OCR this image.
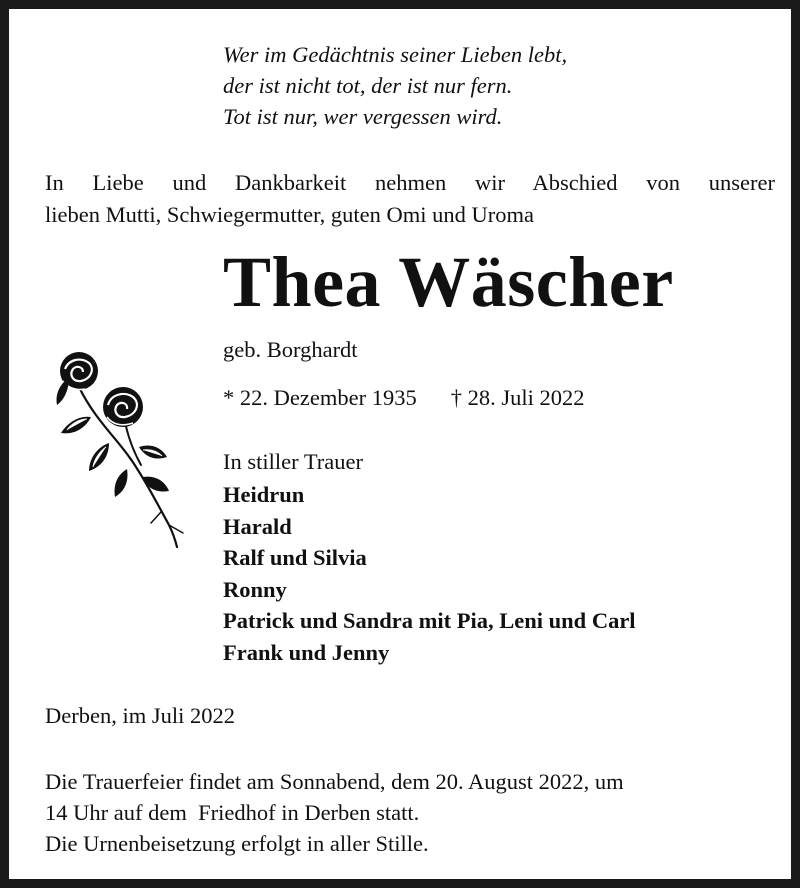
Wer im Gedächtnis seiner Lieben lebt,
der ist nicht tot, der ist nur fern.
Tot ist nur, wer vergessen wird.
In Liebe und Dankbarkeit nehmen wir Abschied von unserer
lieben Mutti, Schwiegermutter, guten Omi und Uroma
Thea Wäscher
geb. Borghardt
* 22. Dezember 1935 † 28. Juli 2022
In stiller Trauer
Heidrun
Harald
Ralf und Silvia
Ronny
Patrick und Sandra mit Pia, Leni und Carl
Frank und Jenny
Derben, im Juli 2022
Die Trauerfeier findet am Sonnabend, dem 20. August 2022, um
14 Uhr auf dem  Friedhof in Derben statt.
Die Urnenbeisetzung erfolgt in aller Stille.
